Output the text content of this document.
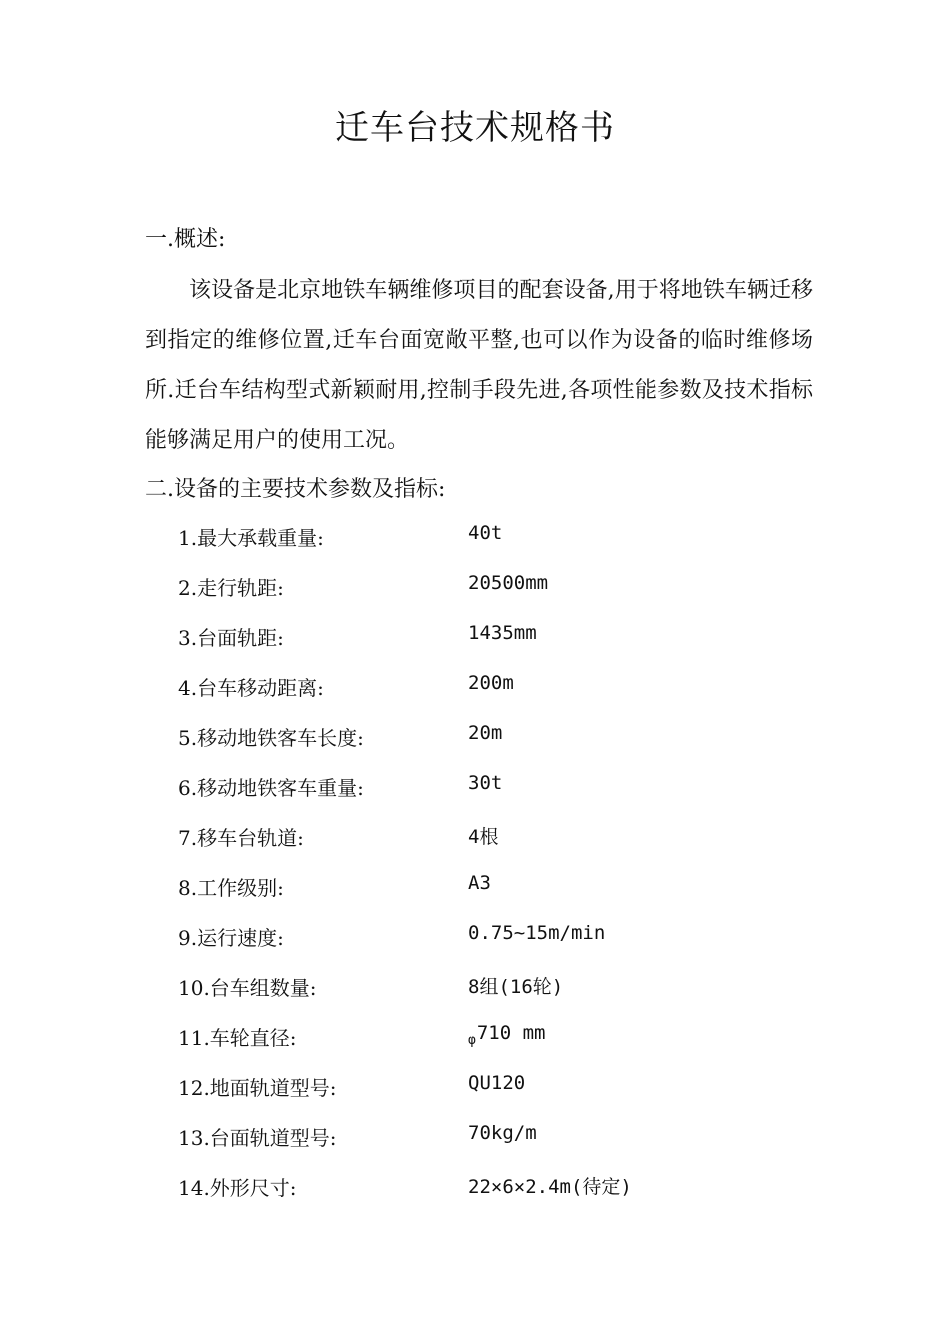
迁车台技术规格书
一.概述:
该设备是北京地铁车辆维修项目的配套设备,用于将地铁车辆迁移到指定的维修位置,迁车台面宽敞平整,也可以作为设备的临时维修场所.迁台车结构型式新颖耐用,控制手段先进,各项性能参数及技术指标能够满足用户的使用工况。
二.设备的主要技术参数及指标:
1.最大承载重量:	40t
2.走行轨距:	20500mm
3.台面轨距:	1435mm
4.台车移动距离:	200m
5.移动地铁客车长度:	20m
6.移动地铁客车重量:	30t
7.移车台轨道:	4根
8.工作级别:	A3
9.运行速度:	0.75~15m/min
10.台车组数量:	8组(16轮)
11.车轮直径:	$_\varphi$710 mm
12.地面轨道型号:	QU120
13.台面轨道型号:	70kg/m
14.外形尺寸:	22×6×2.4m(待定)
